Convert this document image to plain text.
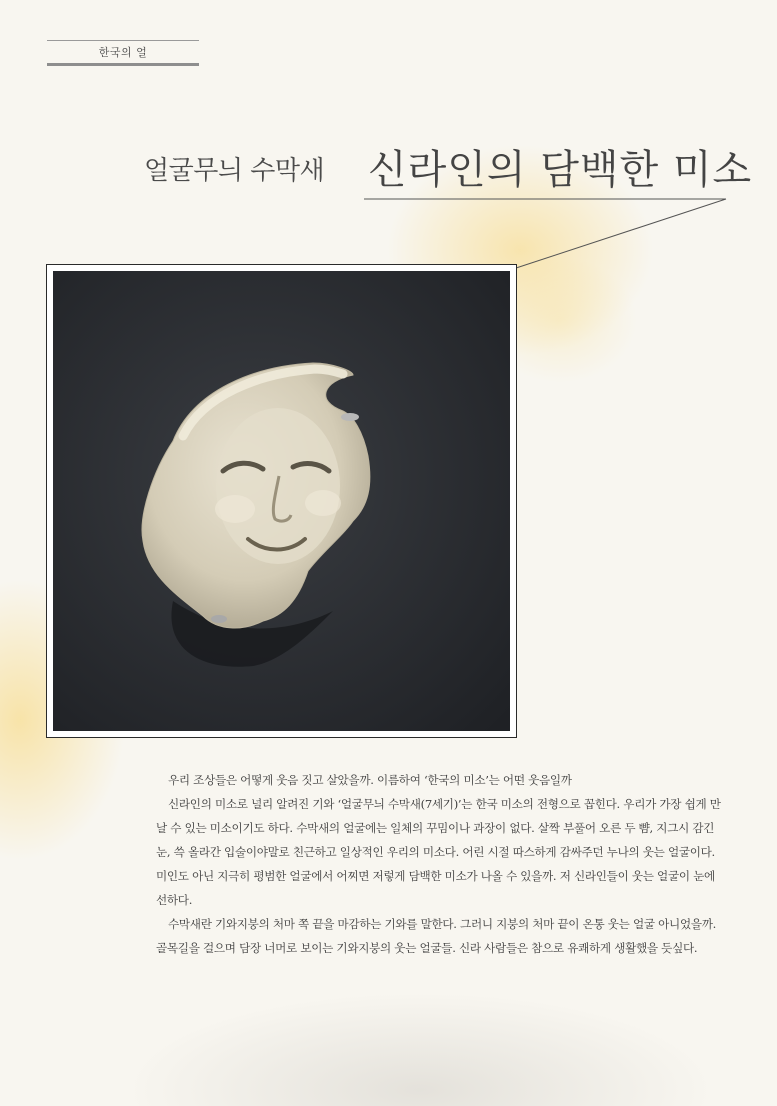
한국의 얼
얼굴무늬 수막새 신라인의 담백한 미소

우리 조상들은 어떻게 웃음 짓고 살았을까. 이름하여 ‘한국의 미소’는 어떤 웃음일까

신라인의 미소로 널리 알려진 기와 ‘얼굴무늬 수막새(7세기)’는 한국 미소의 전형으로 꼽힌다. 우리가 가장 쉽게 만날 수 있는 미소이기도 하다. 수막새의 얼굴에는 일체의 꾸밈이나 과장이 없다. 살짝 부풀어 오른 두 뺨, 지그시 감긴 눈, 쓱 올라간 입술이야말로 친근하고 일상적인 우리의 미소다. 어린 시절 따스하게 감싸주던 누나의 웃는 얼굴이다. 미인도 아닌 지극히 평범한 얼굴에서 어찌면 저렇게 담백한 미소가 나올 수 있을까. 저 신라인들이 웃는 얼굴이 눈에 선하다.

수막새란 기와지붕의 처마 쪽 끝을 마감하는 기와를 말한다. 그러니 지붕의 처마 끝이 온통 웃는 얼굴 아니었을까. 골목길을 걸으며 담장 너머로 보이는 기와지붕의 웃는 얼굴들. 신라 사람들은 참으로 유쾌하게 생활했을 듯싶다.
